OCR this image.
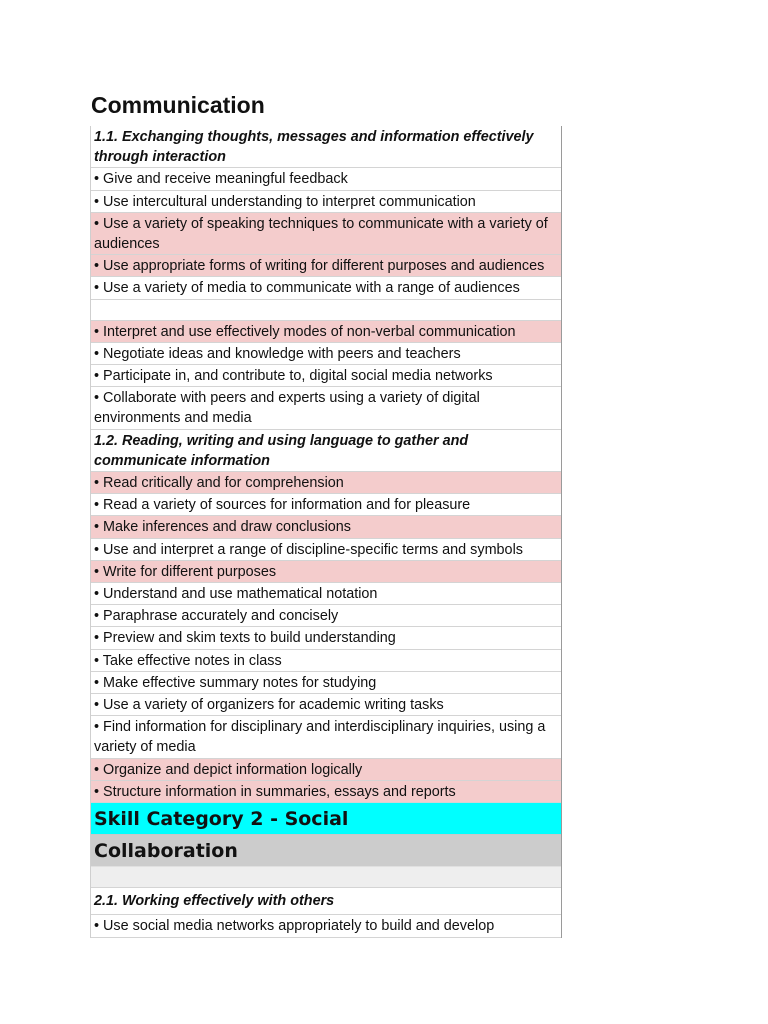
Communication
1.1. Exchanging thoughts, messages and information effectively through interaction
• Give and receive meaningful feedback
• Use intercultural understanding to interpret communication
• Use a variety of speaking techniques to communicate with a variety of audiences
• Use appropriate forms of writing for different purposes and audiences
• Use a variety of media to communicate with a range of audiences
• Interpret and use effectively modes of non-verbal communication
• Negotiate ideas and knowledge with peers and teachers
• Participate in, and contribute to, digital social media networks
• Collaborate with peers and experts using a variety of digital environments and media
1.2. Reading, writing and using language to gather and communicate information
• Read critically and for comprehension
• Read a variety of sources for information and for pleasure
• Make inferences and draw conclusions
• Use and interpret a range of discipline-specific terms and symbols
• Write for different purposes
• Understand and use mathematical notation
• Paraphrase accurately and concisely
• Preview and skim texts to build understanding
• Take effective notes in class
• Make effective summary notes for studying
• Use a variety of organizers for academic writing tasks
• Find information for disciplinary and interdisciplinary inquiries, using a variety of media
• Organize and depict information logically
• Structure information in summaries, essays and reports
Skill Category 2 - Social
Collaboration
2.1. Working effectively with others
• Use social media networks appropriately to build and develop
